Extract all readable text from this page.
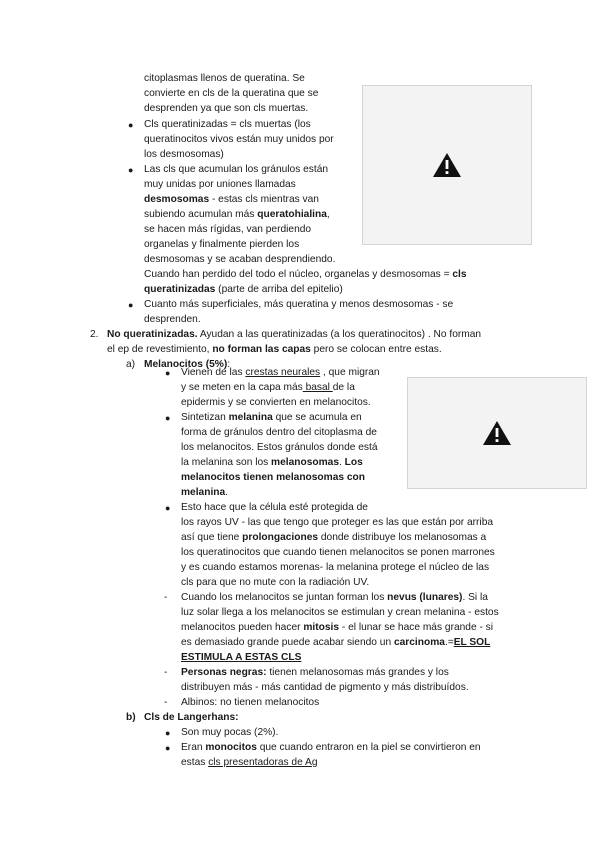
citoplasmas llenos de queratina. Se
convierte en cls de la queratina que se
desprenden ya que son cls muertas.
● Cls queratinizadas = cls muertas (los
queratinocitos vivos están muy unidos por
los desmosomas)
● Las cls que acumulan los gránulos están
muy unidas por uniones llamadas
desmosomas - estas cls mientras van
subiendo acumulan más queratohialina,
se hacen más rígidas, van perdiendo
organelas y finalmente pierden los
desmosomas y se acaban desprendiendo.
Cuando han perdido del todo el núcleo, organelas y desmosomas = cls
queratinizadas (parte de arriba del epitelio)
● Cuanto más superficiales, más queratina y menos desmosomas - se
desprenden.
2. No queratinizadas. Ayudan a las queratinizadas (a los queratinocitos) . No forman
el ep de revestimiento, no forman las capas pero se colocan entre estas.
a) Melanocitos (5%):
● Vienen de las crestas neurales , que migran
y se meten en la capa más basal de la
epidermis y se convierten en melanocitos.
● Sintetizan melanina que se acumula en
forma de gránulos dentro del citoplasma de
los melanocitos. Estos gránulos donde está
la melanina son los melanosomas. Los
melanocitos tienen melanosomas con
melanina.
● Esto hace que la célula esté protegida de
los rayos UV - las que tengo que proteger es las que están por arriba
así que tiene prolongaciones donde distribuye los melanosomas a
los queratinocitos que cuando tienen melanocitos se ponen marrones
y es cuando estamos morenas- la melanina protege el núcleo de las
cls para que no mute con la radiación UV.
- Cuando los melanocitos se juntan forman los nevus (lunares). Si la
luz solar llega a los melanocitos se estimulan y crean melanina - estos
melanocitos pueden hacer mitosis - el lunar se hace más grande - si
es demasiado grande puede acabar siendo un carcinoma.=EL SOL
ESTIMULA A ESTAS CLS
- Personas negras: tienen melanosomas más grandes y los
distribuyen más - más cantidad de pigmento y más distribuídos.
- Albinos: no tienen melanocitos
b) Cls de Langerhans:
● Son muy pocas (2%).
● Eran monocitos que cuando entraron en la piel se convirtieron en
estas cls presentadoras de Ag
